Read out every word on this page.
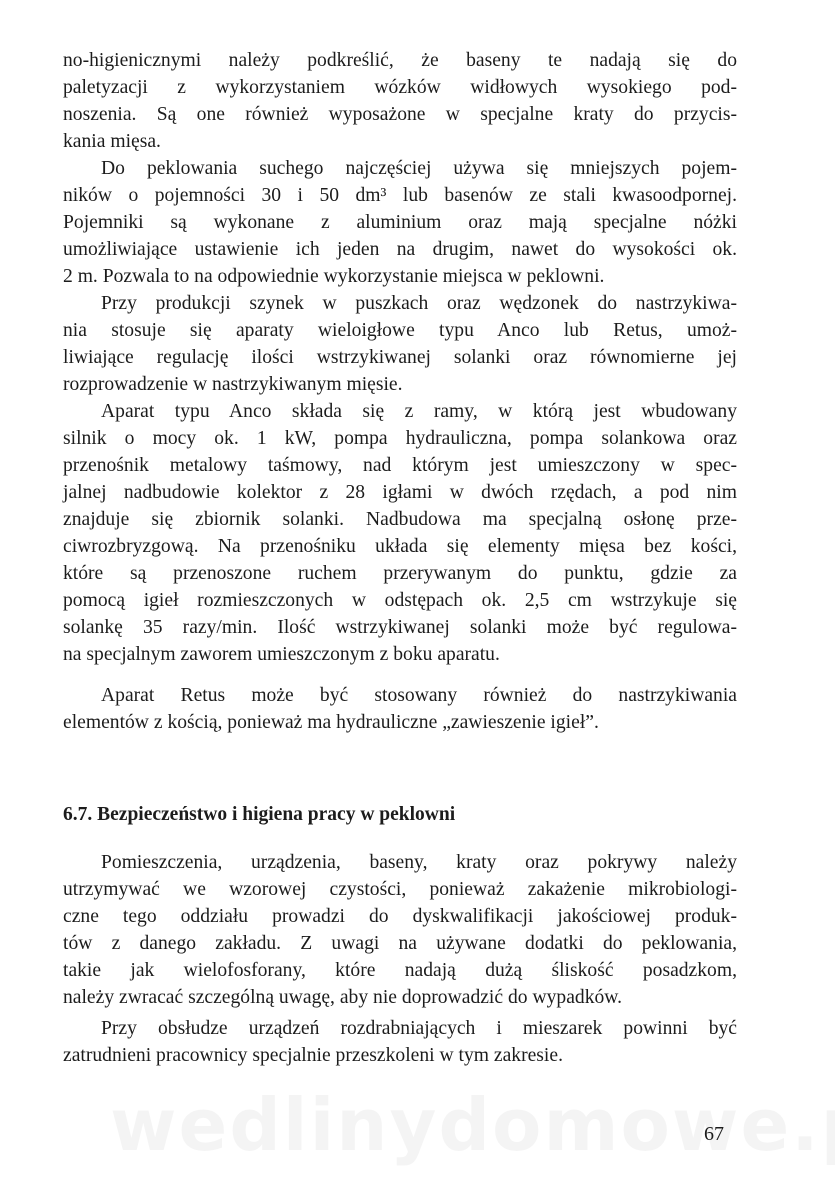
no-higienicznymi należy podkreślić, że baseny te nadają się do
paletyzacji z wykorzystaniem wózków widłowych wysokiego pod-
noszenia. Są one również wyposażone w specjalne kraty do przycis-
kania mięsa.
Do peklowania suchego najczęściej używa się mniejszych pojem-
ników o pojemności 30 i 50 dm³ lub basenów ze stali kwasoodpornej.
Pojemniki są wykonane z aluminium oraz mają specjalne nóżki
umożliwiające ustawienie ich jeden na drugim, nawet do wysokości ok.
2 m. Pozwala to na odpowiednie wykorzystanie miejsca w peklowni.
Przy produkcji szynek w puszkach oraz wędzonek do nastrzykiwa-
nia stosuje się aparaty wieloigłowe typu Anco lub Retus, umoż-
liwiające regulację ilości wstrzykiwanej solanki oraz równomierne jej
rozprowadzenie w nastrzykiwanym mięsie.
Aparat typu Anco składa się z ramy, w którą jest wbudowany
silnik o mocy ok. 1 kW, pompa hydrauliczna, pompa solankowa oraz
przenośnik metalowy taśmowy, nad którym jest umieszczony w spec-
jalnej nadbudowie kolektor z 28 igłami w dwóch rzędach, a pod nim
znajduje się zbiornik solanki. Nadbudowa ma specjalną osłonę prze-
ciwrozbryzgową. Na przenośniku układa się elementy mięsa bez kości,
które są przenoszone ruchem przerywanym do punktu, gdzie za
pomocą igieł rozmieszczonych w odstępach ok. 2,5 cm wstrzykuje się
solankę 35 razy/min. Ilość wstrzykiwanej solanki może być regulowa-
na specjalnym zaworem umieszczonym z boku aparatu.
Aparat Retus może być stosowany również do nastrzykiwania
elementów z kością, ponieważ ma hydrauliczne „zawieszenie igieł”.
6.7. Bezpieczeństwo i higiena pracy w peklowni
Pomieszczenia, urządzenia, baseny, kraty oraz pokrywy należy
utrzymywać we wzorowej czystości, ponieważ zakażenie mikrobiologi-
czne tego oddziału prowadzi do dyskwalifikacji jakościowej produk-
tów z danego zakładu. Z uwagi na używane dodatki do peklowania,
takie jak wielofosforany, które nadają dużą śliskość posadzkom,
należy zwracać szczególną uwagę, aby nie doprowadzić do wypadków.
Przy obsłudze urządzeń rozdrabniających i mieszarek powinni być
zatrudnieni pracownicy specjalnie przeszkoleni w tym zakresie.
67
